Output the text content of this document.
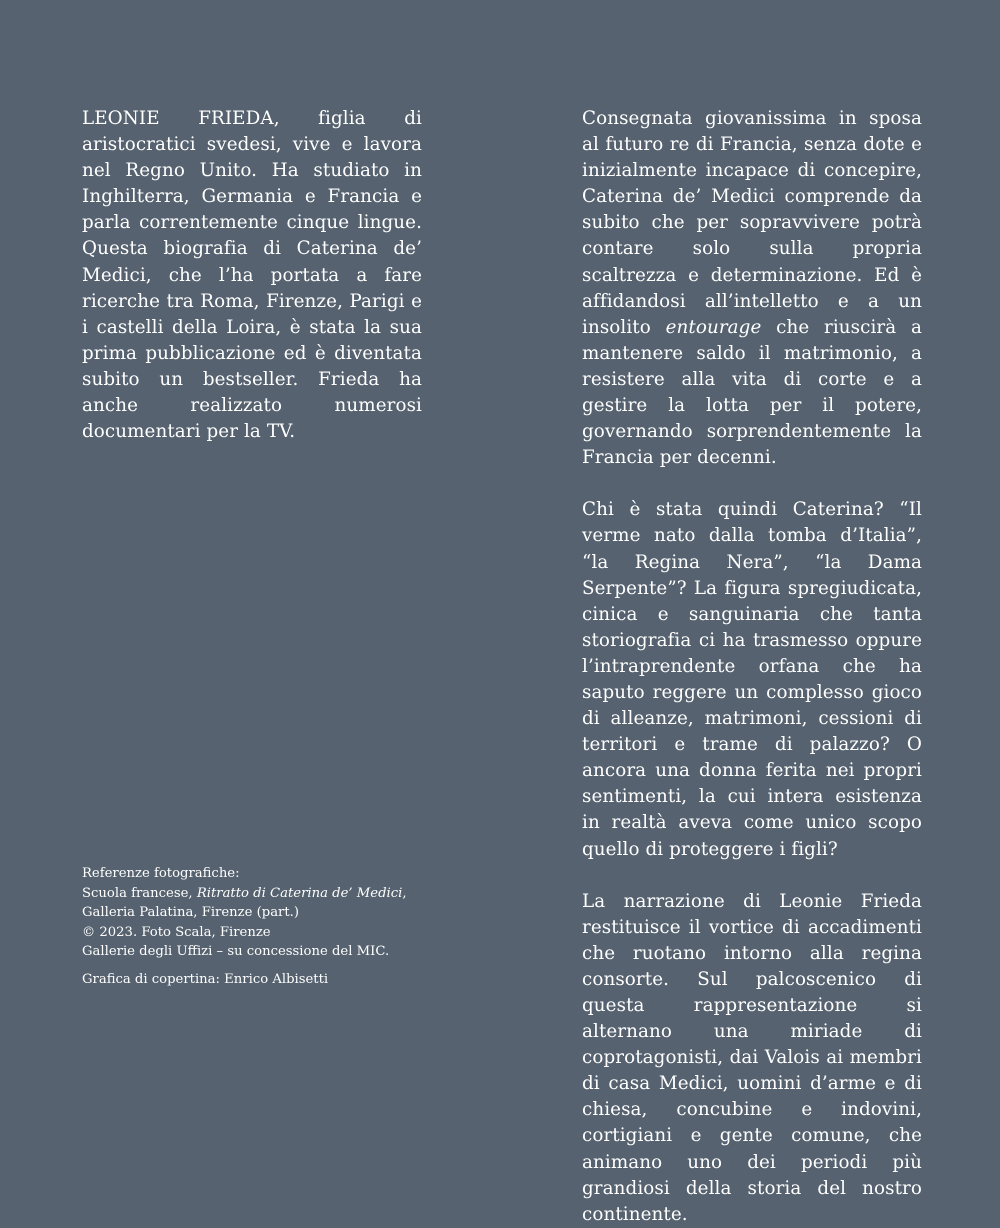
LEONIE FRIEDA, figlia di aristocratici svedesi, vive e lavora nel Regno Unito. Ha studiato in Inghilterra, Germania e Francia e parla correntemente cinque lingue. Questa biografia di Caterina de’ Medici, che l’ha portata a fare ricerche tra Roma, Firenze, Parigi e i castelli della Loira, è stata la sua prima pubblicazione ed è diventata subito un bestseller. Frieda ha anche realizzato numerosi documentari per la TV.

Referenze fotografiche:
Scuola francese, Ritratto di Caterina de’ Medici,
Galleria Palatina, Firenze (part.)
© 2023. Foto Scala, Firenze
Gallerie degli Uffizi – su concessione del MIC.
Grafica di copertina: Enrico Albisetti

Consegnata giovanissima in sposa al futuro re di Francia, senza dote e inizialmente incapace di concepire, Caterina de’ Medici comprende da subito che per sopravvivere potrà contare solo sulla propria scaltrezza e determinazione. Ed è affidandosi all’intelletto e a un insolito entourage che riuscirà a mantenere saldo il matrimonio, a resistere alla vita di corte e a gestire la lotta per il potere, governando sorprendentemente la Francia per decenni.

Chi è stata quindi Caterina? “Il verme nato dalla tomba d’Italia”, “la Regina Nera”, “la Dama Serpente”? La figura spregiudicata, cinica e sanguinaria che tanta storiografia ci ha trasmesso oppure l’intraprendente orfana che ha saputo reggere un complesso gioco di alleanze, matrimoni, cessioni di territori e trame di palazzo? O ancora una donna ferita nei propri sentimenti, la cui intera esistenza in realtà aveva come unico scopo quello di proteggere i figli?

La narrazione di Leonie Frieda restituisce il vortice di accadimenti che ruotano intorno alla regina consorte. Sul palcoscenico di questa rappresentazione si alternano una miriade di coprotagonisti, dai Valois ai membri di casa Medici, uomini d’arme e di chiesa, concubine e indovini, cortigiani e gente comune, che animano uno dei periodi più grandiosi della storia del nostro continente.
